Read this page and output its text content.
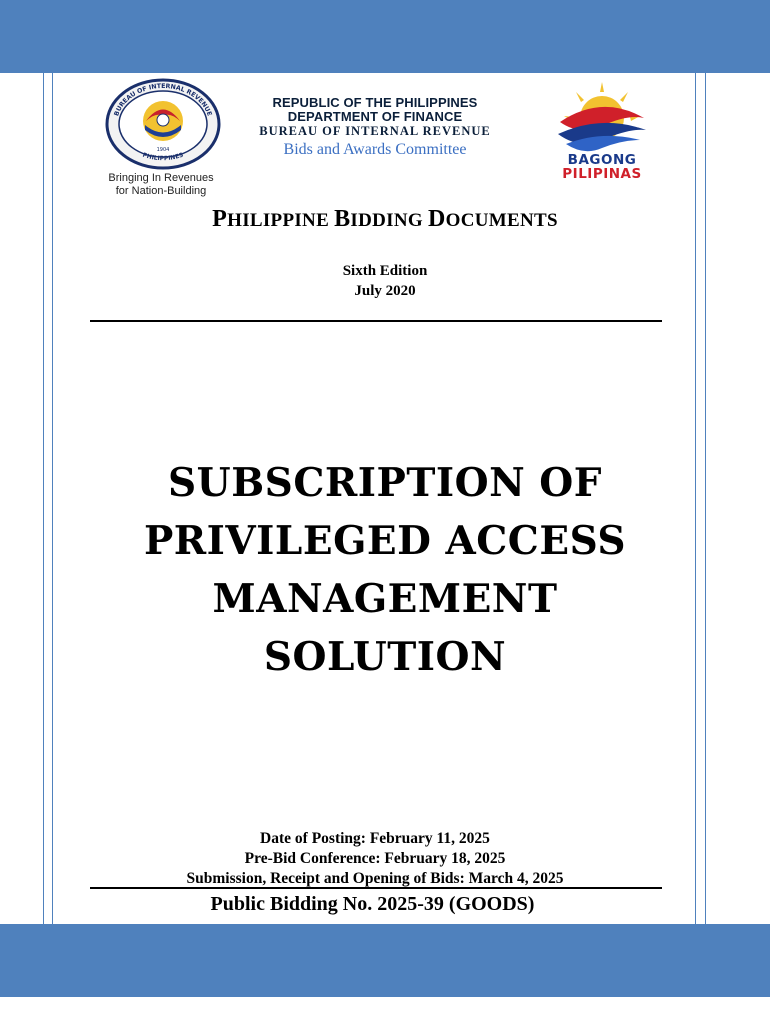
BUREAU OF INTERNAL REVENUE
PHILIPPINES
1904
Bringing In Revenues
for Nation-Building
REPUBLIC OF THE PHILIPPINES
DEPARTMENT OF FINANCE
BUREAU OF INTERNAL REVENUE
Bids and Awards Committee
BAGONG
PILIPINAS
PHILIPPINE BIDDING DOCUMENTS
Sixth Edition
July 2020
SUBSCRIPTION OF
PRIVILEGED ACCESS
MANAGEMENT
SOLUTION
Date of Posting: February 11, 2025
Pre-Bid Conference: February 18, 2025
Submission, Receipt and Opening of Bids: March 4, 2025
Public Bidding No. 2025-39 (GOODS)
